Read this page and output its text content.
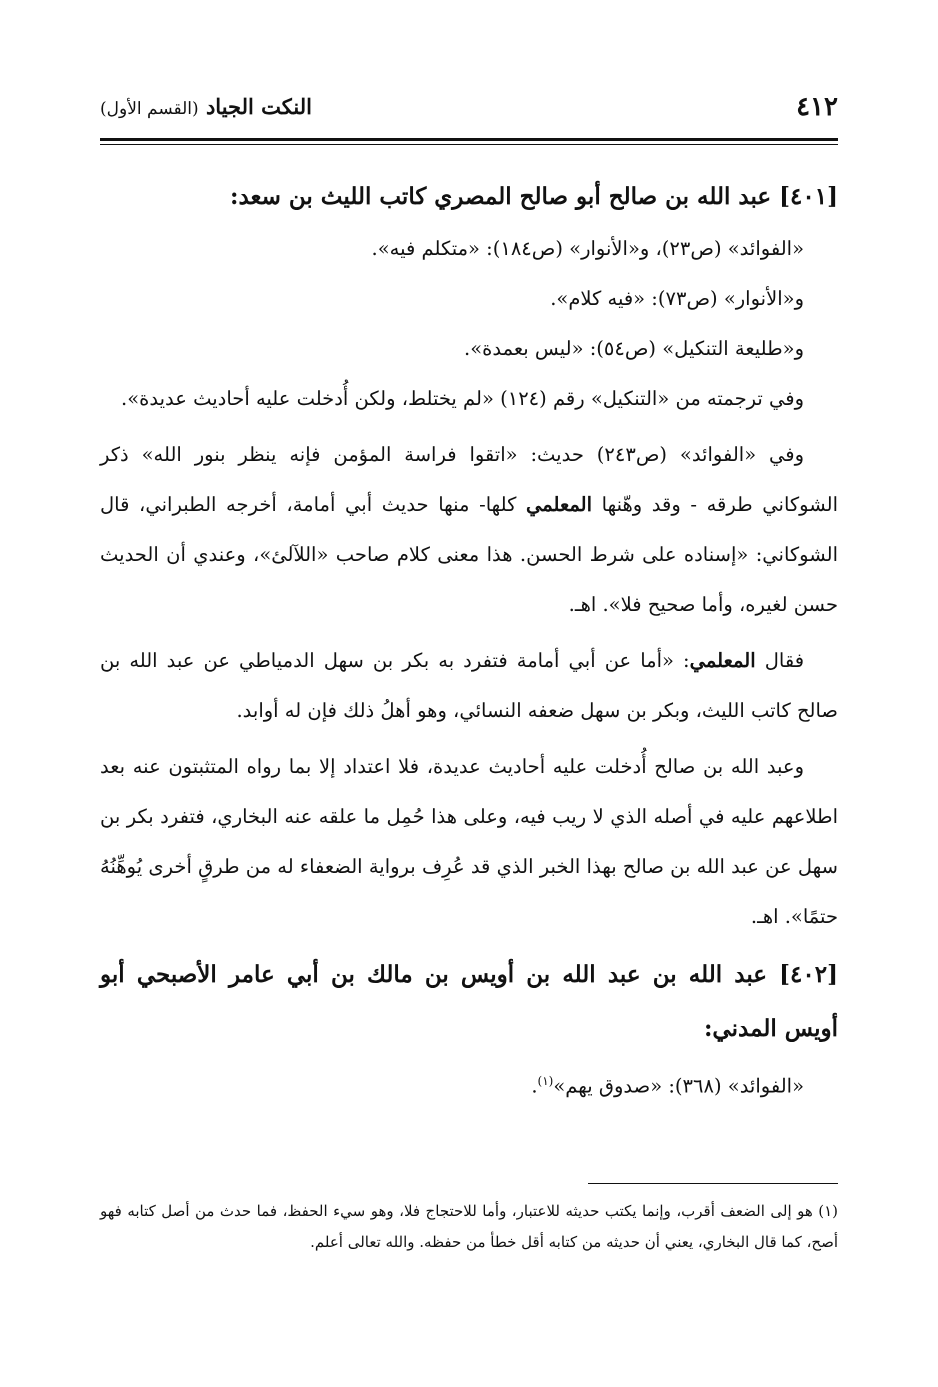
٤١٢
النكت الجياد (القسم الأول)

[٤٠١] عبد الله بن صالح أبو صالح المصري كاتب الليث بن سعد:

«الفوائد» (ص٢٣)، و«الأنوار» (ص١٨٤): «متكلم فيه».

و«الأنوار» (ص٧٣): «فيه كلام».

و«طليعة التنكيل» (ص٥٤): «ليس بعمدة».

وفي ترجمته من «التنكيل» رقم (١٢٤) «لم يختلط، ولكن أُدخلت عليه أحاديث عديدة».

وفي «الفوائد» (ص٢٤٣) حديث: «اتقوا فراسة المؤمن فإنه ينظر بنور الله» ذكر الشوكاني طرقه - وقد وهّنها المعلمي كلها- منها حديث أبي أمامة، أخرجه الطبراني، قال الشوكاني: «إسناده على شرط الحسن. هذا معنى كلام صاحب «اللآلئ»، وعندي أن الحديث حسن لغيره، وأما صحيح فلا». اهـ.

فقال المعلمي: «أما عن أبي أمامة فتفرد به بكر بن سهل الدمياطي عن عبد الله بن صالح كاتب الليث، وبكر بن سهل ضعفه النسائي، وهو أهلُ ذلك فإن له أوابد.

وعبد الله بن صالح أُدخلت عليه أحاديث عديدة، فلا اعتداد إلا بما رواه المتثبتون عنه بعد اطلاعهم عليه في أصله الذي لا ريب فيه، وعلى هذا حُمِل ما علقه عنه البخاري، فتفرد بكر بن سهل عن عبد الله بن صالح بهذا الخبر الذي قد عُرِف برواية الضعفاء له من طرقٍ أخرى يُوهِّنُهُ حتمًا». اهـ.

[٤٠٢] عبد الله بن عبد الله بن أويس بن مالك بن أبي عامر الأصبحي أبو أويس المدني:

«الفوائد» (٣٦٨): «صدوق يهم»$^{(١)}$.

(١) هو إلى الضعف أقرب، وإنما يكتب حديثه للاعتبار، وأما للاحتجاج فلا، وهو سيء الحفظ، فما حدث من أصل كتابه فهو أصح، كما قال البخاري، يعني أن حديثه من كتابه أقل خطأ من حفظه. والله تعالى أعلم.
